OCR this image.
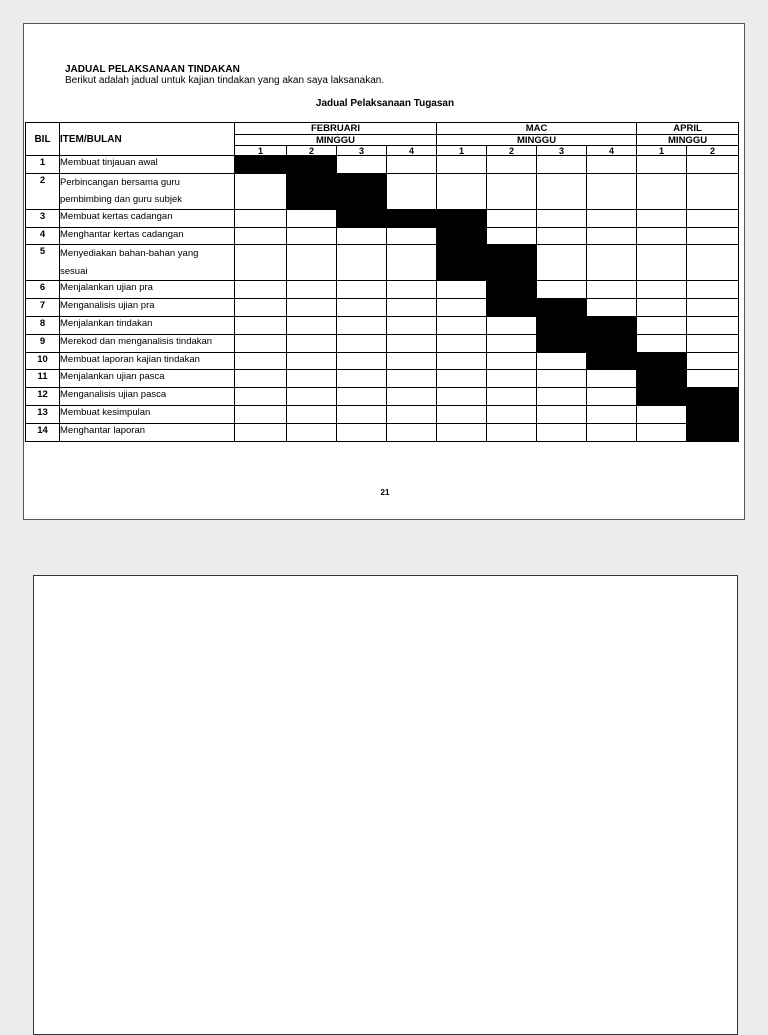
JADUAL PELAKSANAAN TINDAKAN
Berikut adalah jadual untuk kajian tindakan yang akan saya laksanakan.
Jadual Pelaksanaan Tugasan
BIL	ITEM/BULAN	FEBRUARI				MAC				APRIL	
		MINGGU				MINGGU				MINGGU	
		1	2	3	4	1	2	3	4	1	2
1	Membuat tinjauan awal										
2	Perbincangan bersama guru
pembimbing dan guru subjek										

3	Membuat kertas cadangan										
4	Menghantar kertas cadangan										
5	Menyediakan bahan-bahan yang
sesuai										

6	Menjalankan ujian pra										
7	Menganalisis ujian pra										
8	Menjalankan tindakan										
9	Merekod dan menganalisis tindakan										
10	Membuat laporan kajian tindakan										
11	Menjalankan ujian pasca										
12	Menganalisis ujian pasca										
13	Membuat kesimpulan										
14	Menghantar laporan										
21
